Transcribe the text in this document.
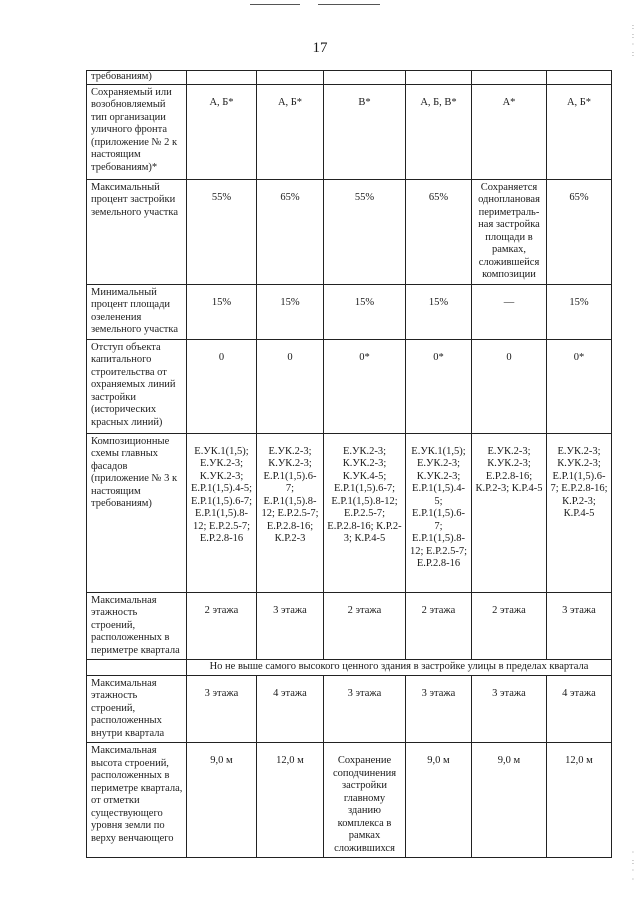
17
:
:
·
:
·
:
·
·
требованиям)						
Сохраняемый или возобновляемый тип организации уличного фронта (приложение № 2 к настоящим требованиям)*	А, Б*	А, Б*	В*	А, Б, В*	А*	А, Б*

Максимальный процент застройки земельного участка	55%	65%	55%	65%	Сохраняется одноплановая периметраль-ная застройка площади в рамках, сложившейся композиции	65%

Минимальный процент площади озеленения земельного участка	15%	15%	15%	15%	—	15%

Отступ объекта капитального строительства от охраняемых линий застройки (исторических красных линий)	0	0	0*	0*	0	0*

Композиционные схемы главных фасадов (приложение № 3 к настоящим требованиям)	Е.УК.1(1,5); Е.УК.2-3; К.УК.2-3; Е.Р.1(1,5).4-5; Е.Р.1(1,5).6-7; Е.Р.1(1,5).8-12; Е.Р.2.5-7; Е.Р.2.8-16	Е.УК.2-3; К.УК.2-3; Е.Р.1(1,5).6-7; Е.Р.1(1,5).8-12; Е.Р.2.5-7; Е.Р.2.8-16; К.Р.2-3	Е.УК.2-3; К.УК.2-3; К.УК.4-5; Е.Р.1(1,5).6-7; Е.Р.1(1,5).8-12; Е.Р.2.5-7; Е.Р.2.8-16; К.Р.2-3; К.Р.4-5	Е.УК.1(1,5); Е.УК.2-3; К.УК.2-3; Е.Р.1(1,5).4-5; Е.Р.1(1,5).6-7; Е.Р.1(1,5).8-12; Е.Р.2.5-7; Е.Р.2.8-16	Е.УК.2-3; К.УК.2-3; Е.Р.2.8-16; К.Р.2-3; К.Р.4-5	Е.УК.2-3; К.УК.2-3; Е.Р.1(1,5).6-7; Е.Р.2.8-16; К.Р.2-3; К.Р.4-5

Максимальная этажность строений, расположенных в периметре квартала	2 этажа	3 этажа	2 этажа	2 этажа	2 этажа	3 этажа

	Но не выше самого высокого ценного здания в застройке улицы в пределах квартала					
Максимальная этажность строений, расположенных внутри квартала	3 этажа	4 этажа	3 этажа	3 этажа	3 этажа	4 этажа

Максимальная высота строений, расположенных в периметре квартала, от отметки существующего уровня земли по верху венчающего	9,0 м	12,0 м	Сохранение соподчинения застройки главному зданию комплекса в рамках сложившихся	9,0 м	9,0 м	12,0 м
